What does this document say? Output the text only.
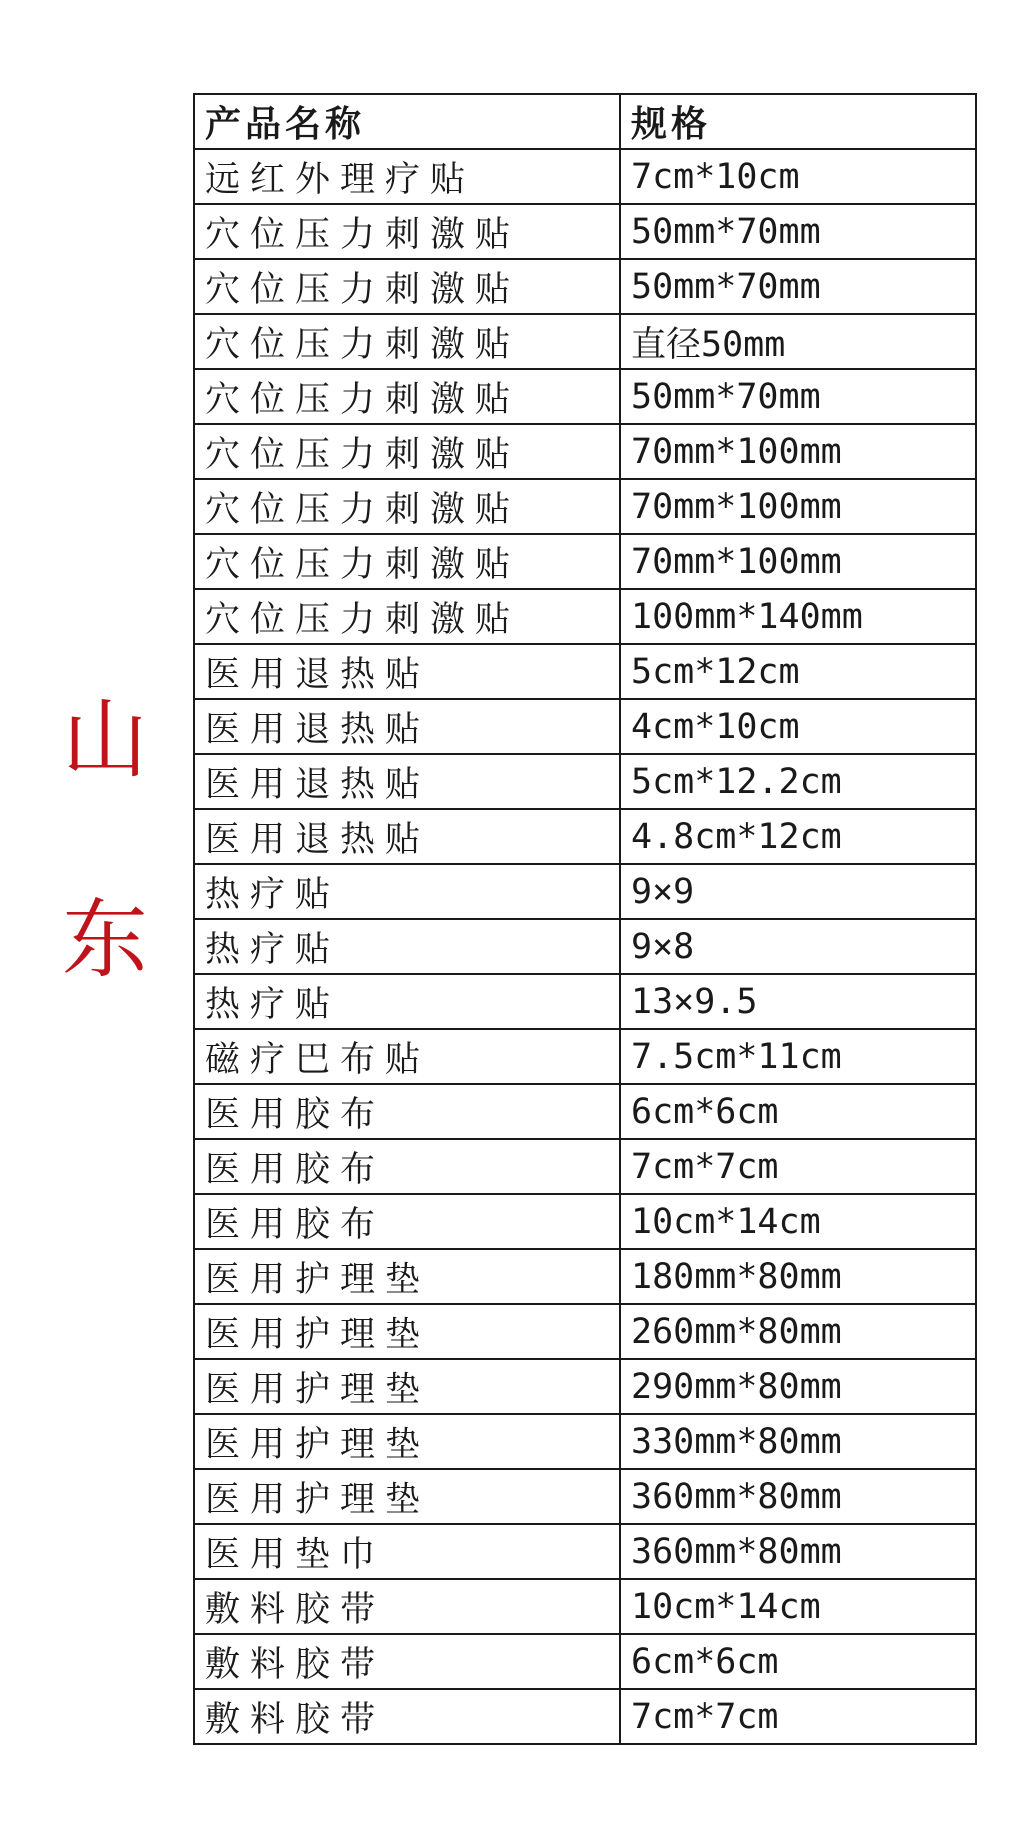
山
东
产品名称	规格
远红外理疗贴	7cm*10cm
穴位压力刺激贴	50mm*70mm
穴位压力刺激贴	50mm*70mm
穴位压力刺激贴	直径50mm
穴位压力刺激贴	50mm*70mm
穴位压力刺激贴	70mm*100mm
穴位压力刺激贴	70mm*100mm
穴位压力刺激贴	70mm*100mm
穴位压力刺激贴	100mm*140mm
医用退热贴	5cm*12cm
医用退热贴	4cm*10cm
医用退热贴	5cm*12.2cm
医用退热贴	4.8cm*12cm
热疗贴	9×9
热疗贴	9×8
热疗贴	13×9.5
磁疗巴布贴	7.5cm*11cm
医用胶布	6cm*6cm
医用胶布	7cm*7cm
医用胶布	10cm*14cm
医用护理垫	180mm*80mm
医用护理垫	260mm*80mm
医用护理垫	290mm*80mm
医用护理垫	330mm*80mm
医用护理垫	360mm*80mm
医用垫巾	360mm*80mm
敷料胶带	10cm*14cm
敷料胶带	6cm*6cm
敷料胶带	7cm*7cm
